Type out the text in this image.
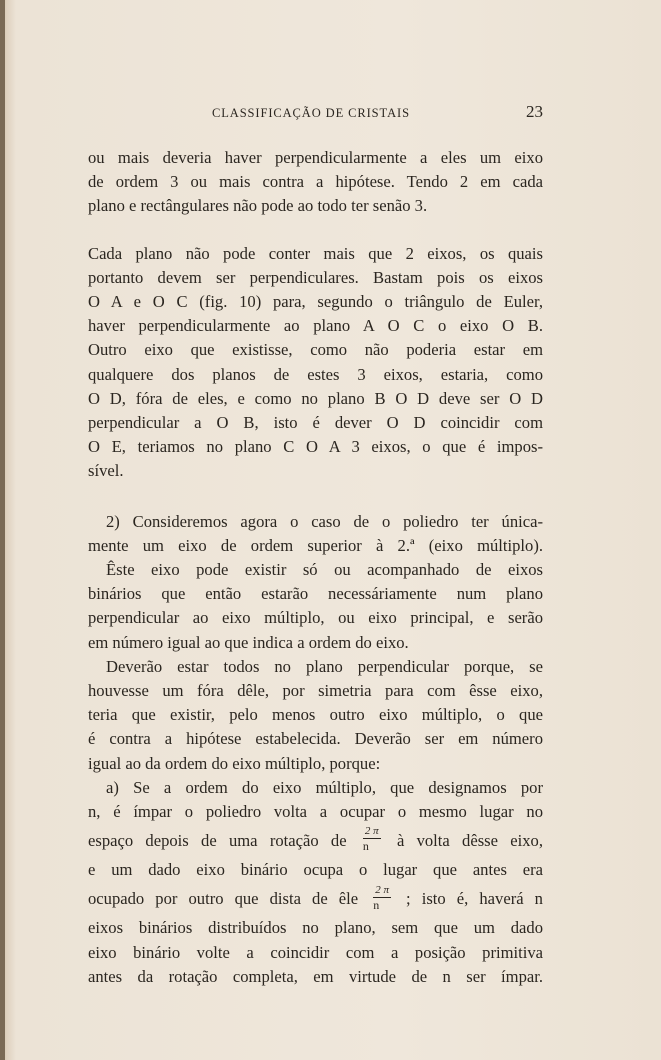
CLASSIFICAÇÃO DE CRISTAIS	23

ou mais deveria haver perpendicularmente a eles um eixo
de ordem 3 ou mais contra a hipótese. Tendo 2 em cada
plano e rectângulares não pode ao todo ter senão 3.

Cada plano não pode conter mais que 2 eixos, os quais
portanto devem ser perpendiculares. Bastam pois os eixos
O A e O C (fig. 10) para, segundo o triângulo de Euler,
haver perpendicularmente ao plano A O C o eixo O B.
Outro eixo que existisse, como não poderia estar em
qualquere dos planos de estes 3 eixos, estaria, como
O D, fóra de eles, e como no plano B O D deve ser O D
perpendicular a O B, isto é dever O D coincidir com
O E, teriamos no plano C O A 3 eixos, o que é impos-
sível.

2) Consideremos agora o caso de o poliedro ter única-
mente um eixo de ordem superior à 2.ª (eixo múltiplo).
Êste eixo pode existir só ou acompanhado de eixos
binários que então estarão necessáriamente num plano
perpendicular ao eixo múltiplo, ou eixo principal, e serão
em número igual ao que indica a ordem do eixo.

Deverão estar todos no plano perpendicular porque, se
houvesse um fóra dêle, por simetria para com êsse eixo,
teria que existir, pelo menos outro eixo múltiplo, o que
é contra a hipótese estabelecida. Deverão ser em número
igual ao da ordem do eixo múltiplo, porque:

a) Se a ordem do eixo múltiplo, que designamos por
n, é ímpar o poliedro volta a ocupar o mesmo lugar no
espaço depois de uma rotação de $\frac{2 \pi}{n}$ à volta dêsse eixo,
e um dado eixo binário ocupa o lugar que antes era
ocupado por outro que dista de êle $\frac{2 \pi}{n}$ ; isto é, haverá n
eixos binários distribuídos no plano, sem que um dado
eixo binário volte a coincidir com a posição primitiva
antes da rotação completa, em virtude de n ser ímpar.
